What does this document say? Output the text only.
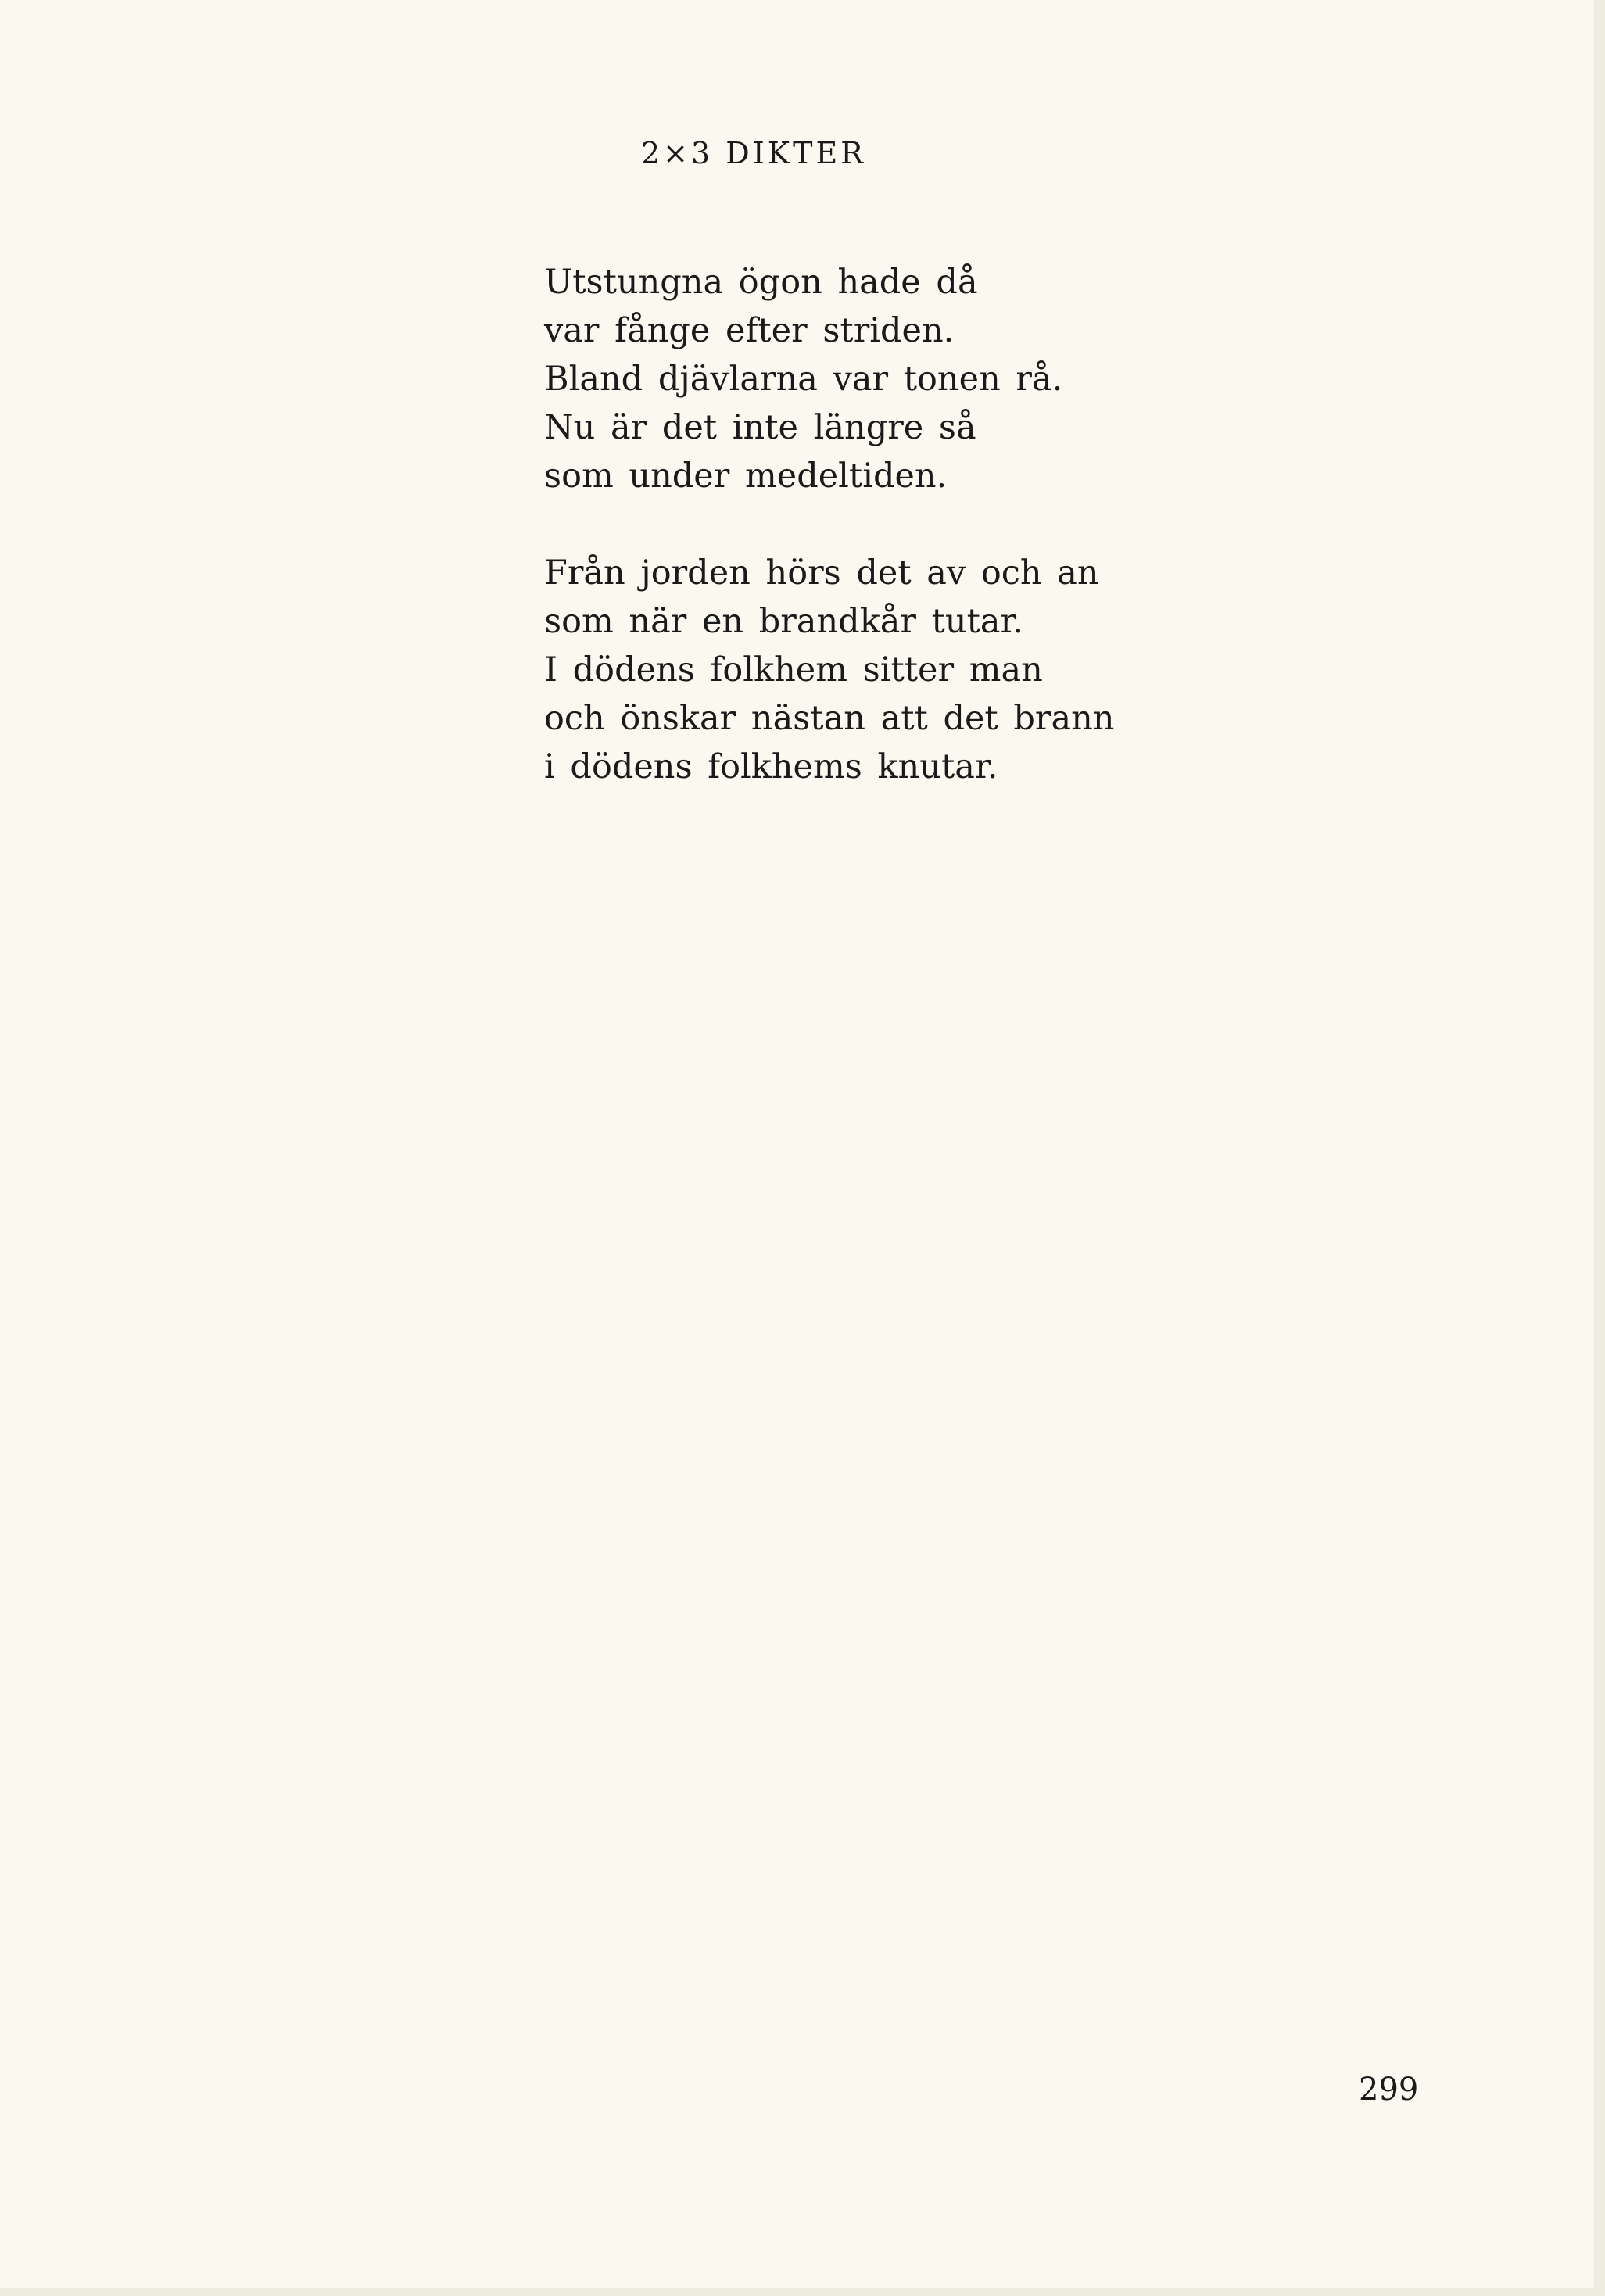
2×3 DIKTER
Utstungna ögon hade då
var fånge efter striden.
Bland djävlarna var tonen rå.
Nu är det inte längre så
som under medeltiden.
Från jorden hörs det av och an
som när en brandkår tutar.
I dödens folkhem sitter man
och önskar nästan att det brann
i dödens folkhems knutar.
299
